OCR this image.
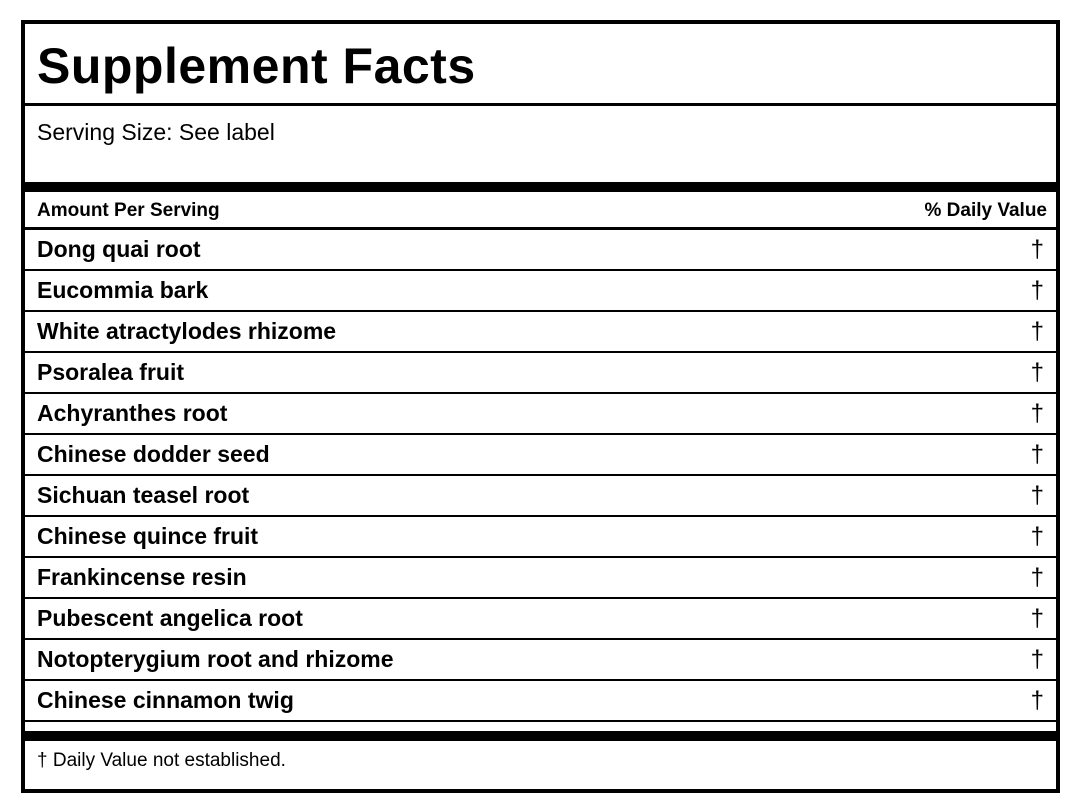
Supplement Facts
Serving Size: See label
Amount Per Serving	% Daily Value
Dong quai root	†
Eucommia bark	†
White atractylodes rhizome	†
Psoralea fruit	†
Achyranthes root	†
Chinese dodder seed	†
Sichuan teasel root	†
Chinese quince fruit	†
Frankincense resin	†
Pubescent angelica root	†
Notopterygium root and rhizome	†
Chinese cinnamon twig	†
† Daily Value not established.
